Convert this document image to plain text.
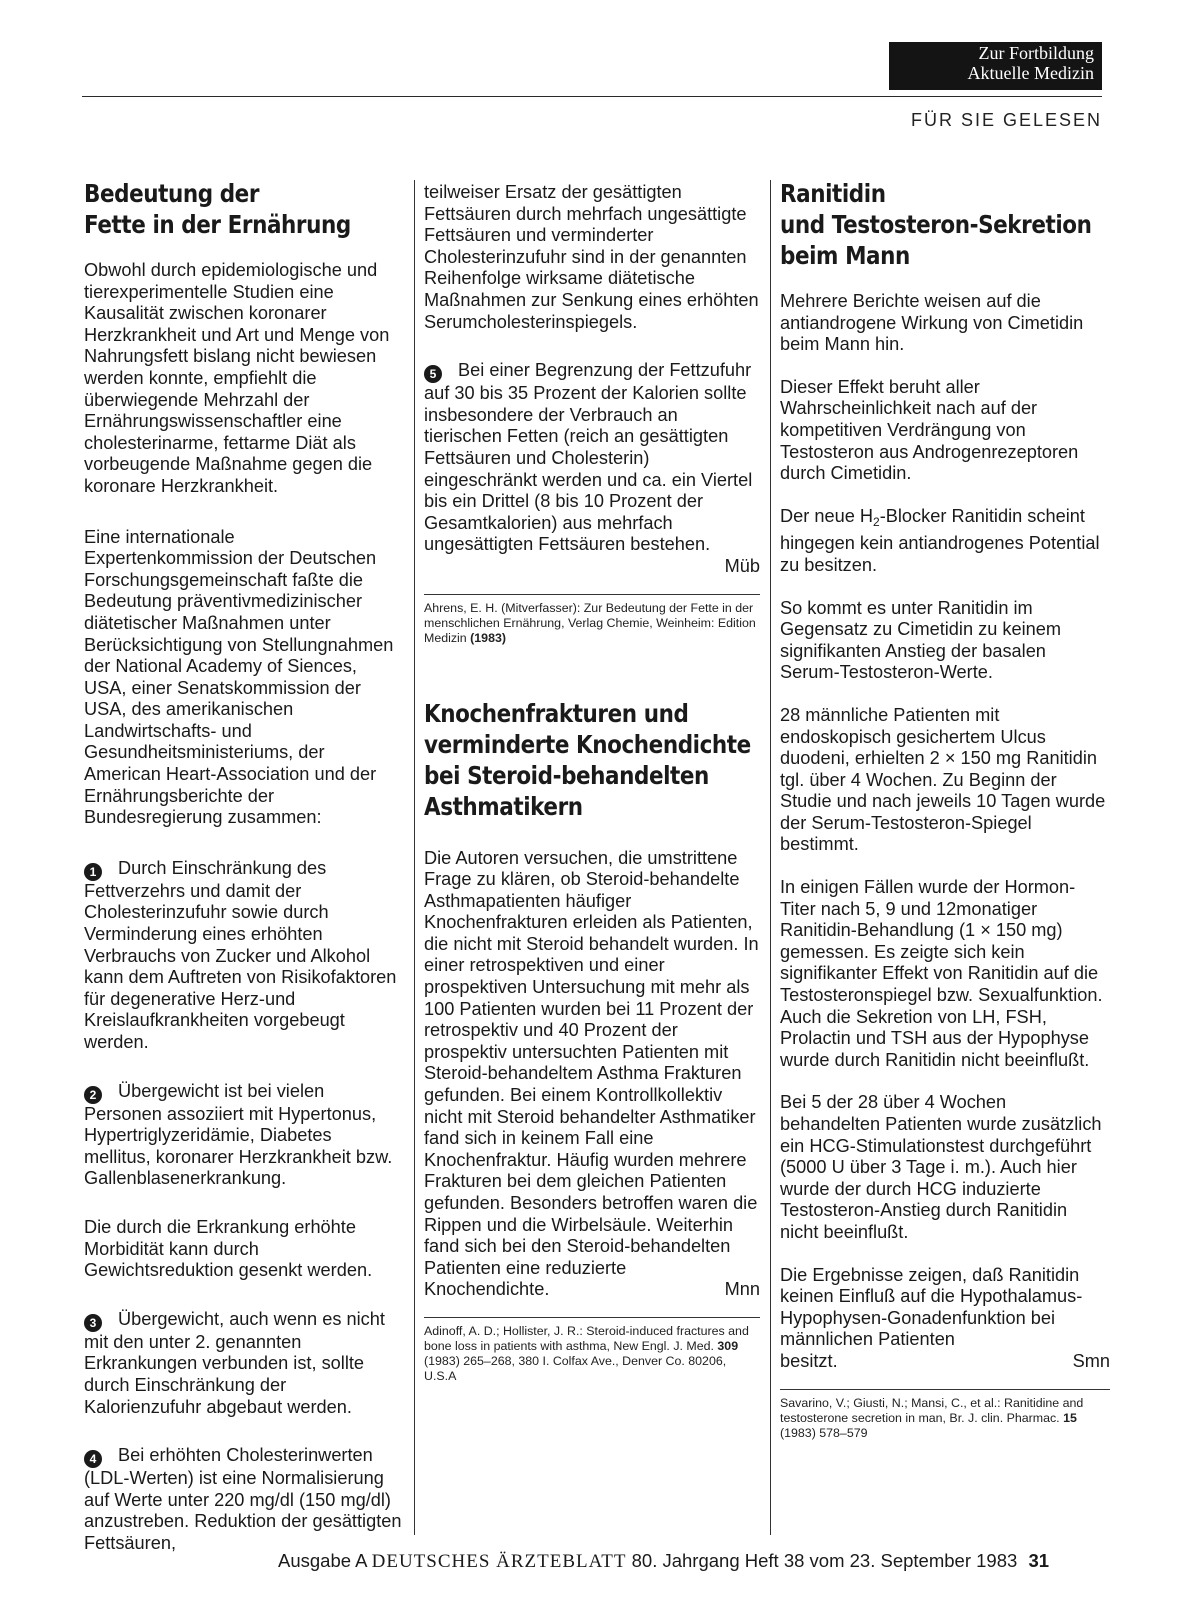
Zur Fortbildung
Aktuelle Medizin
FÜR SIE GELESEN
Bedeutung der
Fette in der Ernährung

Obwohl durch epidemiologische und tierexperimentelle Studien eine Kausalität zwischen koronarer Herzkrankheit und Art und Menge von Nahrungsfett bislang nicht bewiesen werden konnte, empfiehlt die überwiegende Mehrzahl der Ernährungswissenschaftler eine cholesterinarme, fettarme Diät als vorbeugende Maßnahme gegen die koronare Herzkrankheit.

Eine internationale Expertenkommission der Deutschen Forschungsgemeinschaft faßte die Bedeutung präventivmedizinischer diätetischer Maßnahmen unter Berücksichtigung von Stellungnahmen der National Academy of Siences, USA, einer Senatskommission der USA, des amerikanischen Landwirtschafts- und Gesundheitsministeriums, der American Heart-Association und der Ernährungsberichte der Bundesregierung zusammen:

1 Durch Einschränkung des Fettverzehrs und damit der Cholesterinzufuhr sowie durch Verminderung eines erhöhten Verbrauchs von Zucker und Alkohol kann dem Auftreten von Risikofaktoren für degenerative Herz-und Kreislaufkrankheiten vorgebeugt werden.

2 Übergewicht ist bei vielen Personen assoziiert mit Hypertonus, Hypertriglyzeridämie, Diabetes mellitus, koronarer Herzkrankheit bzw. Gallenblasenerkrankung.

Die durch die Erkrankung erhöhte Morbidität kann durch Gewichtsreduktion gesenkt werden.

3 Übergewicht, auch wenn es nicht mit den unter 2. genannten Erkrankungen verbunden ist, sollte durch Einschränkung der Kalorienzufuhr abgebaut werden.

4 Bei erhöhten Cholesterinwerten (LDL-Werten) ist eine Normalisierung auf Werte unter 220 mg/dl (150 mg/dl) anzustreben. Reduktion der gesättigten Fettsäuren,

teilweiser Ersatz der gesättigten Fettsäuren durch mehrfach ungesättigte Fettsäuren und verminderter Cholesterinzufuhr sind in der genannten Reihenfolge wirksame diätetische Maßnahmen zur Senkung eines erhöhten Serumcholesterinspiegels.

5 Bei einer Begrenzung der Fettzufuhr auf 30 bis 35 Prozent der Kalorien sollte insbesondere der Verbrauch an tierischen Fetten (reich an gesättigten Fettsäuren und Cholesterin) eingeschränkt werden und ca. ein Viertel bis ein Drittel (8 bis 10 Prozent der Gesamtkalorien) aus mehrfach ungesättigten Fettsäuren bestehen.

Müb
Ahrens, E. H. (Mitverfasser): Zur Bedeutung der Fette in der menschlichen Ernährung, Verlag Chemie, Weinheim: Edition Medizin (1983)
Knochenfrakturen und
verminderte Knochendichte
bei Steroid-behandelten
Asthmatikern

Die Autoren versuchen, die umstrittene Frage zu klären, ob Steroid-behandelte Asthmapatienten häufiger Knochenfrakturen erleiden als Patienten, die nicht mit Steroid behandelt wurden. In einer retrospektiven und einer prospektiven Untersuchung mit mehr als 100 Patienten wurden bei 11 Prozent der retrospektiv und 40 Prozent der prospektiv untersuchten Patienten mit Steroid-behandeltem Asthma Frakturen gefunden. Bei einem Kontrollkollektiv nicht mit Steroid behandelter Asthmatiker fand sich in keinem Fall eine Knochenfraktur. Häufig wurden mehrere Frakturen bei dem gleichen Patienten gefunden. Besonders betroffen waren die Rippen und die Wirbelsäule. Weiterhin fand sich bei den Steroid-behandelten Patienten eine reduzierte

Knochendichte.	Mnn
Adinoff, A. D.; Hollister, J. R.: Steroid-induced fractures and bone loss in patients with asthma, New Engl. J. Med. 309 (1983) 265–268, 380 I. Colfax Ave., Denver Co. 80206, U.S.A
Ranitidin
und Testosteron-Sekretion
beim Mann

Mehrere Berichte weisen auf die antiandrogene Wirkung von Cimetidin beim Mann hin.

Dieser Effekt beruht aller Wahrscheinlichkeit nach auf der kompetitiven Verdrängung von Testosteron aus Androgenrezeptoren durch Cimetidin.

Der neue $H_2$-Blocker Ranitidin scheint hingegen kein antiandrogenes Potential zu besitzen.

So kommt es unter Ranitidin im Gegensatz zu Cimetidin zu keinem signifikanten Anstieg der basalen Serum-Testosteron-Werte.

28 männliche Patienten mit endoskopisch gesichertem Ulcus duodeni, erhielten 2 × 150 mg Ranitidin tgl. über 4 Wochen. Zu Beginn der Studie und nach jeweils 10 Tagen wurde der Serum-Testosteron-Spiegel bestimmt.

In einigen Fällen wurde der Hormon-Titer nach 5, 9 und 12monatiger Ranitidin-Behandlung (1 × 150 mg) gemessen. Es zeigte sich kein signifikanter Effekt von Ranitidin auf die Testosteronspiegel bzw. Sexualfunktion. Auch die Sekretion von LH, FSH, Prolactin und TSH aus der Hypophyse wurde durch Ranitidin nicht beeinflußt.

Bei 5 der 28 über 4 Wochen behandelten Patienten wurde zusätzlich ein HCG-Stimulationstest durchgeführt (5000 U über 3 Tage i. m.). Auch hier wurde der durch HCG induzierte Testosteron-Anstieg durch Ranitidin nicht beeinflußt.

Die Ergebnisse zeigen, daß Ranitidin keinen Einfluß auf die Hypothalamus-Hypophysen-Gonadenfunktion bei männlichen Patienten

besitzt.	Smn
Savarino, V.; Giusti, N.; Mansi, C., et al.: Ranitidine and testosterone secretion in man, Br. J. clin. Pharmac. 15 (1983) 578–579
Ausgabe A DEUTSCHES ÄRZTEBLATT 80. Jahrgang Heft 38 vom 23. September 1983 31
